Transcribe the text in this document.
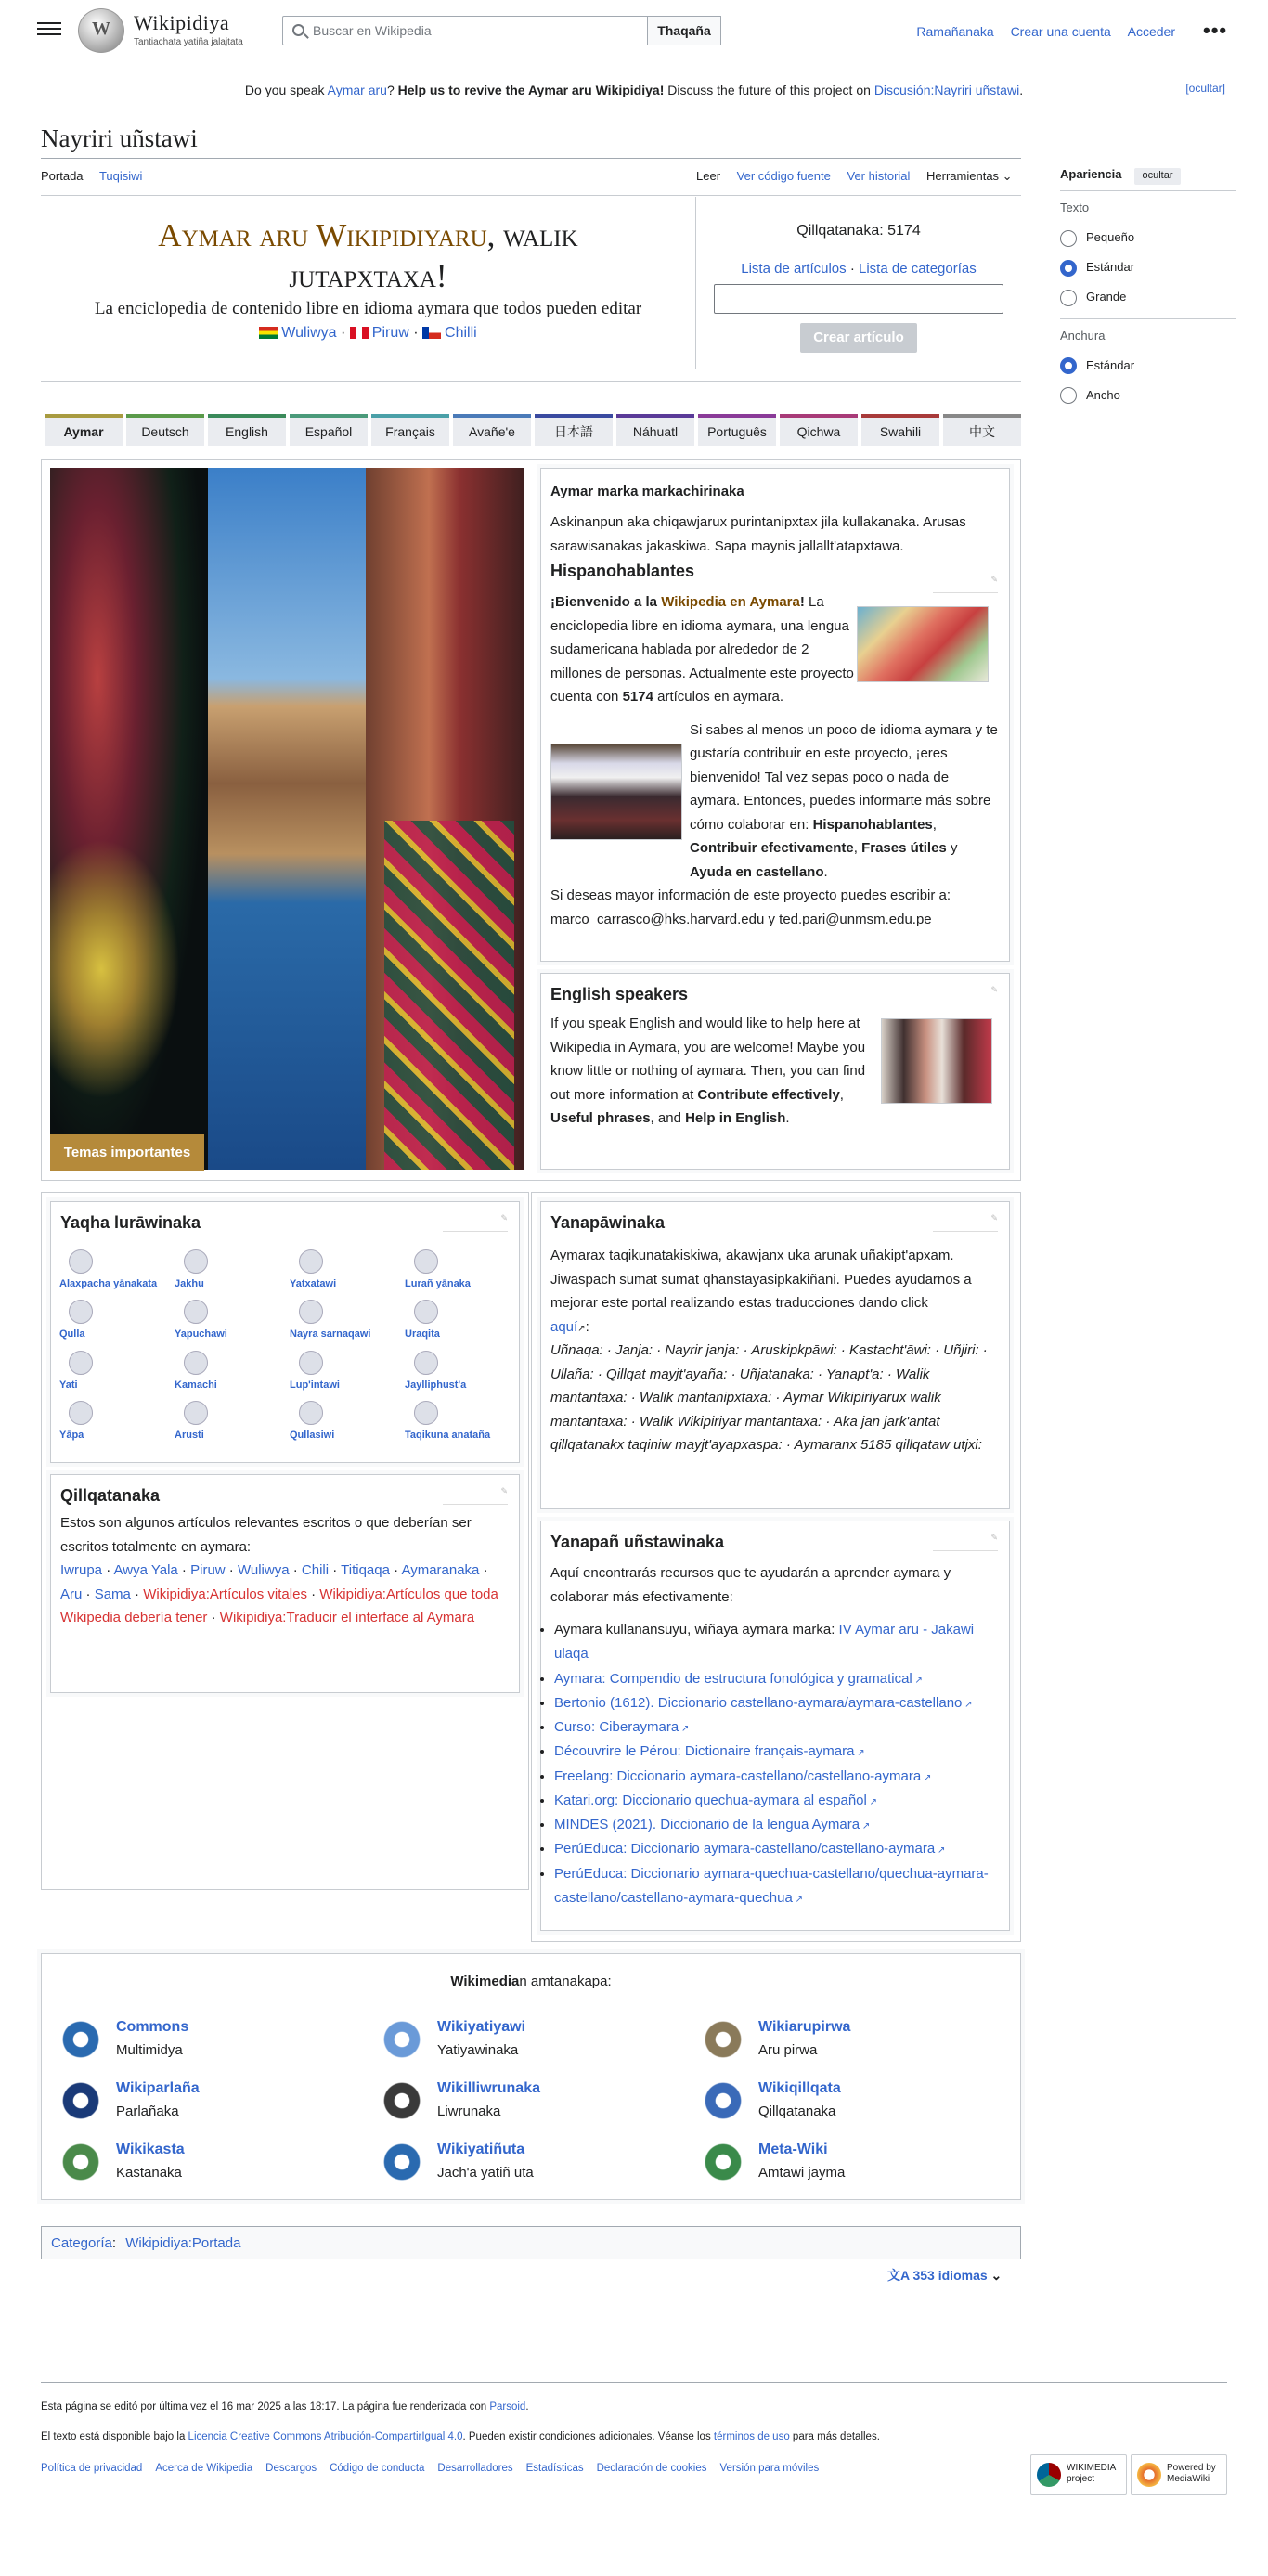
W
Wikipidiya
Tantiachata yatiña jalajtata
Buscar en Wikipedia
Thaqaña	Ramañanaka Crear una cuenta Acceder •••
Do you speak Aymar aru? Help us to revive the Aymar aru Wikipidiya! Discuss the future of this project on Discusión:Nayriri uñstawi.	[ocultar]
Nayriri uñstawi
Portada Tuqisiwi	Leer Ver código fuente Ver historial Herramientas ⌄	Apariencia ocultar
Texto
Pequeño
Estándar
Grande
Anchura
Estándar
Ancho
Aymar aru Wikipidiyaru, walik
jutapxtaxa!
La enciclopedia de contenido libre en idioma aymara que todos pueden editar
Wuliwya · Piruw · Chilli
Qillqatanaka: 5174
Lista de artículos · Lista de categorías
Crear artículo
Aymar	Deutsch	English	Español	Français	Avañe'e	日本語	Náhuatl	Português	Qichwa	Swahili	中文
Temas importantes
Aymar marka markachirinaka
Askinanpun aka chiqawjarux purintanipxtax jila kullakanaka. Arusas sarawisanakas jakaskiwa. Sapa maynis jallallt'atapxtawa.
Hispanohablantes	✎
¡Bienvenido a la Wikipedia en Aymara! La enciclopedia libre en idioma aymara, una lengua sudamericana hablada por alrededor de 2 millones de personas. Actualmente este proyecto cuenta con 5174 artículos en aymara.
Si sabes al menos un poco de idioma aymara y te gustaría contribuir en este proyecto, ¡eres bienvenido! Tal vez sepas poco o nada de aymara. Entonces, puedes informarte más sobre cómo colaborar en: Hispanohablantes, Contribuir efectivamente, Frases útiles y Ayuda en castellano.
Si deseas mayor información de este proyecto puedes escribir a: marco_carrasco@hks.harvard.edu y ted.pari@unmsm.edu.pe
English speakers	✎
If you speak English and would like to help here at Wikipedia in Aymara, you are welcome! Maybe you know little or nothing of aymara. Then, you can find out more information at Contribute effectively, Useful phrases, and Help in English.
Yaqha lurāwinaka	✎
Alaxpacha yānakata	Jakhu	Yatxatawi	Lurañ yānaka
Qulla	Yapuchawi	Nayra sarnaqawi	Uraqita
Yati	Kamachi	Lup'intawi	Jaylliphust'a
Yāpa	Arusti	Qullasiwi	Taqikuna anataña
Qillqatanaka	✎
Estos son algunos artículos relevantes escritos o que deberían ser escritos totalmente en aymara:
Iwrupa · Awya Yala · Piruw · Wuliwya · Chili · Titiqaqa · Aymaranaka · Aru · Sama · Wikipidiya:Artículos vitales · Wikipidiya:Artículos que toda Wikipedia debería tener · Wikipidiya:Traducir el interface al Aymara
Yanapāwinaka	✎
Aymarax taqikunatakiskiwa, akawjanx uka arunak uñakipt'apxam. Jiwaspach sumat sumat qhanstayasipkakiñani. Puedes ayudarnos a mejorar este portal realizando estas traducciones dando click
aquí↗:
Uñnaqa: · Janja: · Nayrir janja: · Aruskipkpāwi: · Kastacht'āwi: · Uñjiri: · Ullaña: · Qillqat mayjt'ayaña: · Uñjatanaka: · Yanapt'a: · Walik mantantaxa: · Walik mantanipxtaxa: · Aymar Wikipiriyarux walik mantantaxa: · Walik Wikipiriyar mantantaxa: · Aka jan jark'antat qillqatanakx taqiniw mayjt'ayapxaspa: · Aymaranx 5185 qillqataw utjxi:
Yanapañ uñstawinaka	✎
Aquí encontrarás recursos que te ayudarán a aprender aymara y colaborar más efectivamente:
• Aymara kullanansuyu, wiñaya aymara marka: IV Aymar aru - Jakawi ulaqa
• Aymara: Compendio de estructura fonológica y gramatical ↗
• Bertonio (1612). Diccionario castellano-aymara/aymara-castellano ↗
• Curso: Ciberaymara ↗
• Découvrire le Pérou: Dictionaire français-aymara ↗
• Freelang: Diccionario aymara-castellano/castellano-aymara ↗
• Katari.org: Diccionario quechua-aymara al español ↗
• MINDES (2021). Diccionario de la lengua Aymara ↗
• PerúEduca: Diccionario aymara-castellano/castellano-aymara ↗
• PerúEduca: Diccionario aymara-quechua-castellano/quechua-aymara-castellano/castellano-aymara-quechua ↗
Wikimedian amtanakapa:
Commons
Multimidya
Wikiyatiyawi
Yatiyawinaka
Wikiarupirwa
Aru pirwa
Wikiparlaña
Parlañaka
Wikilliwrunaka
Liwrunaka
Wikiqillqata
Qillqatanaka
Wikikasta
Kastanaka
Wikiyatiñuta
Jach'a yatiñ uta
Meta-Wiki
Amtawi jayma
Categoría: Wikipidiya:Portada
文A 353 idiomas ⌄
Esta página se editó por última vez el 16 mar 2025 a las 18:17. La página fue renderizada con Parsoid.
El texto está disponible bajo la Licencia Creative Commons Atribución-CompartirIgual 4.0. Pueden existir condiciones adicionales. Véanse los términos de uso para más detalles.
Política de privacidad Acerca de Wikipedia Descargos Código de conducta Desarrolladores Estadísticas Declaración de cookies Versión para móviles	WIKIMEDIA project
Powered by MediaWiki
